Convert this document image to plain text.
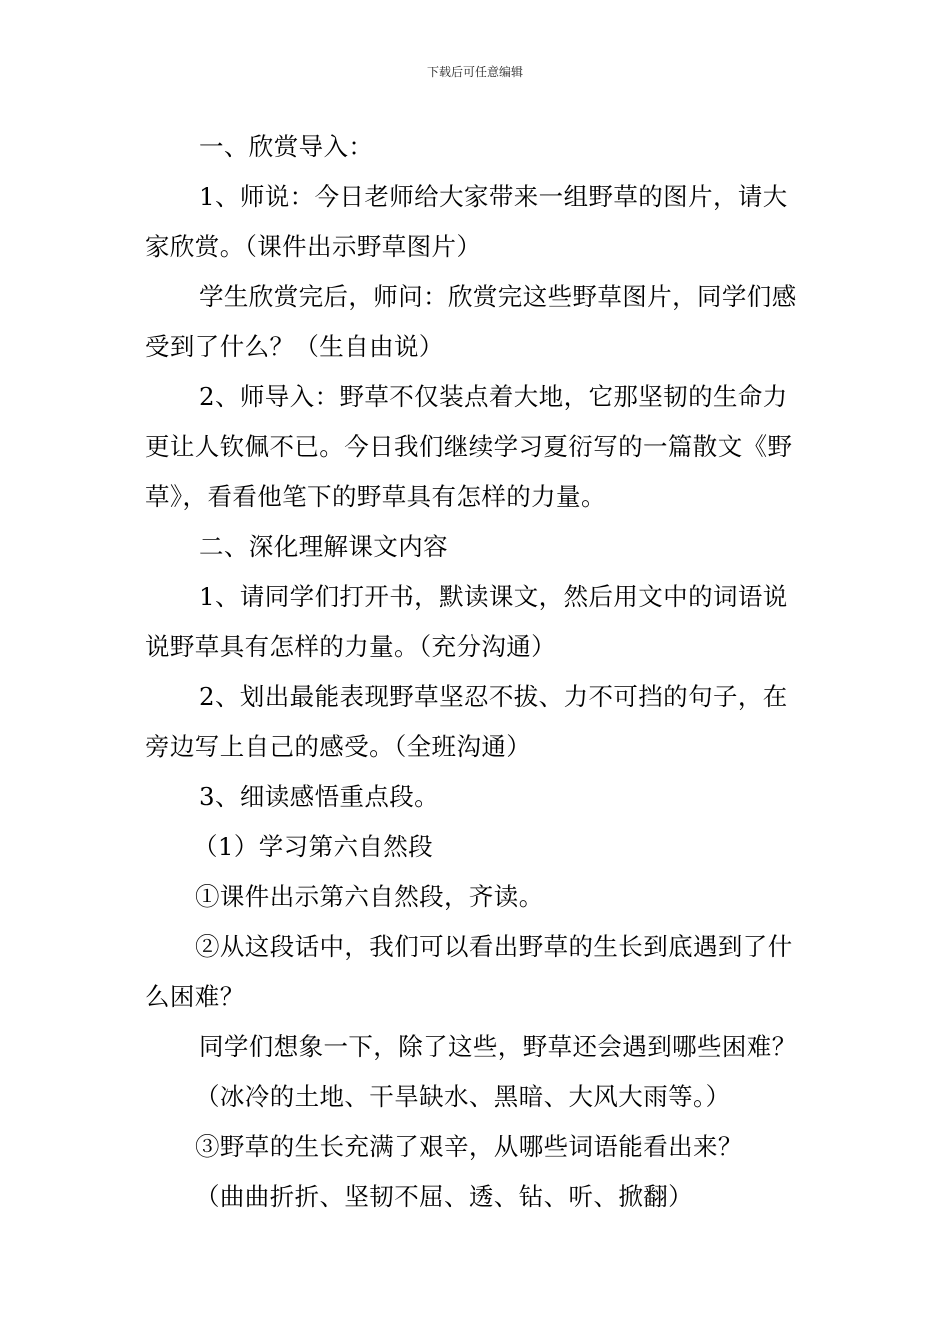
下载后可任意编辑

一、欣赏导入：

1、师说：今日老师给大家带来一组野草的图片，请大家欣赏。（课件出示野草图片）

学生欣赏完后，师问：欣赏完这些野草图片，同学们感受到了什么？（生自由说）

2、师导入：野草不仅装点着大地，它那坚韧的生命力更让人钦佩不已。今日我们继续学习夏衍写的一篇散文《野草》，看看他笔下的野草具有怎样的力量。

二、深化理解课文内容

1、请同学们打开书，默读课文，然后用文中的词语说说野草具有怎样的力量。（充分沟通）

2、划出最能表现野草坚忍不拔、力不可挡的句子，在旁边写上自己的感受。（全班沟通）

3、细读感悟重点段。

（1）学习第六自然段

①课件出示第六自然段，齐读。

②从这段话中，我们可以看出野草的生长到底遇到了什么困难？

同学们想象一下，除了这些，野草还会遇到哪些困难？

（冰冷的土地、干旱缺水、黑暗、大风大雨等。）

③野草的生长充满了艰辛，从哪些词语能看出来？

（曲曲折折、坚韧不屈、透、钻、听、掀翻）
